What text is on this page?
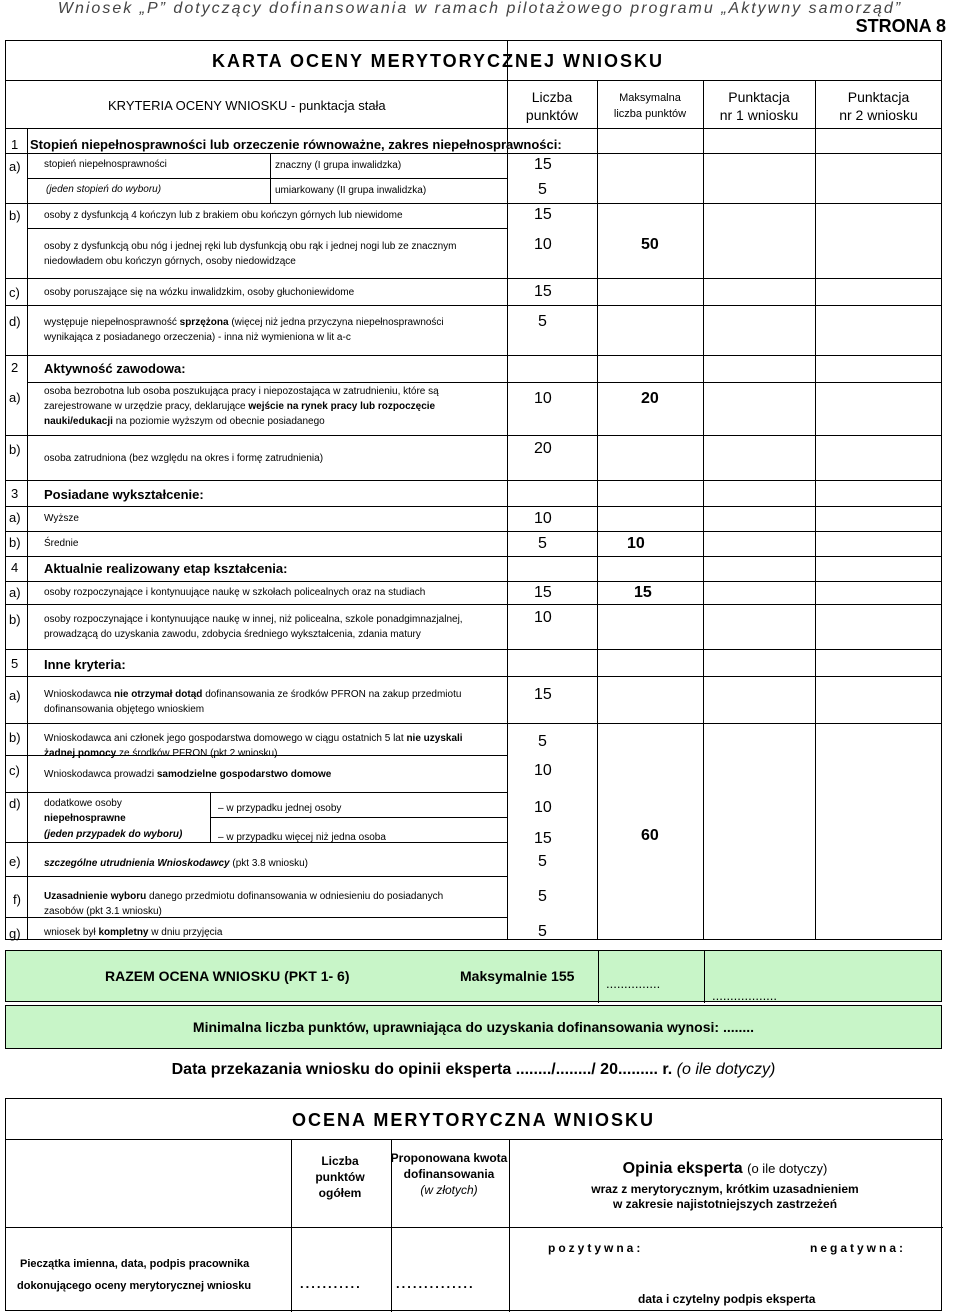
Wniosek „P” dotyczący dofinansowania w ramach pilotażowego programu „Aktywny samorząd”
STRONA 8
KARTA OCENY MERYTORYCZNEJ WNIOSKU
KRYTERIA OCENY WNIOSKU - punktacja stała
Liczba
punktów
Maksymalna
liczba punktów
Punktacja
nr 1 wniosku
Punktacja
nr 2 wniosku
1 Stopień niepełnosprawności lub orzeczenie równoważne, zakres niepełnosprawności:
a) stopień niepełnosprawności
(jeden stopień do wyboru)
znaczny (I grupa inwalidzka)	15
umiarkowany (II grupa inwalidzka)	5
b) osoby z dysfunkcją 4 kończyn lub z brakiem obu kończyn górnych lub niewidome	15
osoby z dysfunkcją obu nóg i jednej ręki lub dysfunkcją obu rąk i jednej nogi lub ze znacznym niedowładem obu kończyn górnych, osoby niedowidzące
10	50
c) osoby poruszające się na wózku inwalidzkim, osoby głuchoniewidome	15
d) występuje niepełnosprawność sprzężona (więcej niż jedna przyczyna niepełnosprawności wynikająca z posiadanego orzeczenia) - inna niż wymieniona w lit a-c
5
2 Aktywność zawodowa:
a) osoba bezrobotna lub osoba poszukująca pracy i niepozostająca w zatrudnieniu, które są zarejestrowane w urzędzie pracy, deklarujące wejście na rynek pracy lub rozpoczęcie nauki/edukacji na poziomie wyższym od obecnie posiadanego
10	20
b)
osoba zatrudniona (bez względu na okres i formę zatrudnienia)
20
3 Posiadane wykształcenie:
a) Wyższe	10
b) Średnie	5	10
4 Aktualnie realizowany etap kształcenia:
a) osoby rozpoczynające i kontynuujące naukę w szkołach policealnych oraz na studiach	15	15
b) osoby rozpoczynające i kontynuujące naukę w innej, niż policealna, szkole ponadgimnazjalnej, prowadzącą do uzyskania zawodu, zdobycia średniego wykształcenia, zdania matury
10
5 Inne kryteria:
a) Wnioskodawca nie otrzymał dotąd dofinansowania ze środków PFRON na zakup przedmiotu dofinansowania objętego wnioskiem
15
b) Wnioskodawca ani członek jego gospodarstwa domowego w ciągu ostatnich 5 lat nie uzyskali żadnej pomocy ze środków PFRON (pkt 2 wniosku)
5
c) Wnioskodawca prowadzi samodzielne gospodarstwo domowe	10
d) dodatkowe osoby
niepełnosprawne
(jeden przypadek do wyboru)
– w przypadku jednej osoby	10
– w przypadku więcej niż jedna osoba	15	60
e) szczególne utrudnienia Wnioskodawcy (pkt 3.8 wniosku)	5
f) Uzasadnienie wyboru danego przedmiotu dofinansowania w odniesieniu do posiadanych zasobów (pkt 3.1 wniosku)
5
g) wniosek był kompletny w dniu przyjęcia	5
RAZEM OCENA WNIOSKU (PKT 1- 6)	Maksymalnie 155 ...............
..................
Minimalna liczba punktów, uprawniająca do uzyskania dofinansowania wynosi: ........
Data przekazania wniosku do opinii eksperta ......../......../ 20......... r. (o ile dotyczy)
OCENA MERYTORYCZNA WNIOSKU
Liczba
punktów
ogółem
Proponowana kwota
dofinansowania
(w złotych)
Opinia eksperta (o ile dotyczy)
wraz z merytorycznym, krótkim uzasadnieniem
w zakresie najistotniejszych zastrzeżeń
Pieczątka imienna, data, podpis pracownika
dokonującego oceny merytorycznej wniosku	...........	..............
pozytywna:	negatywna:
data i czytelny podpis eksperta
